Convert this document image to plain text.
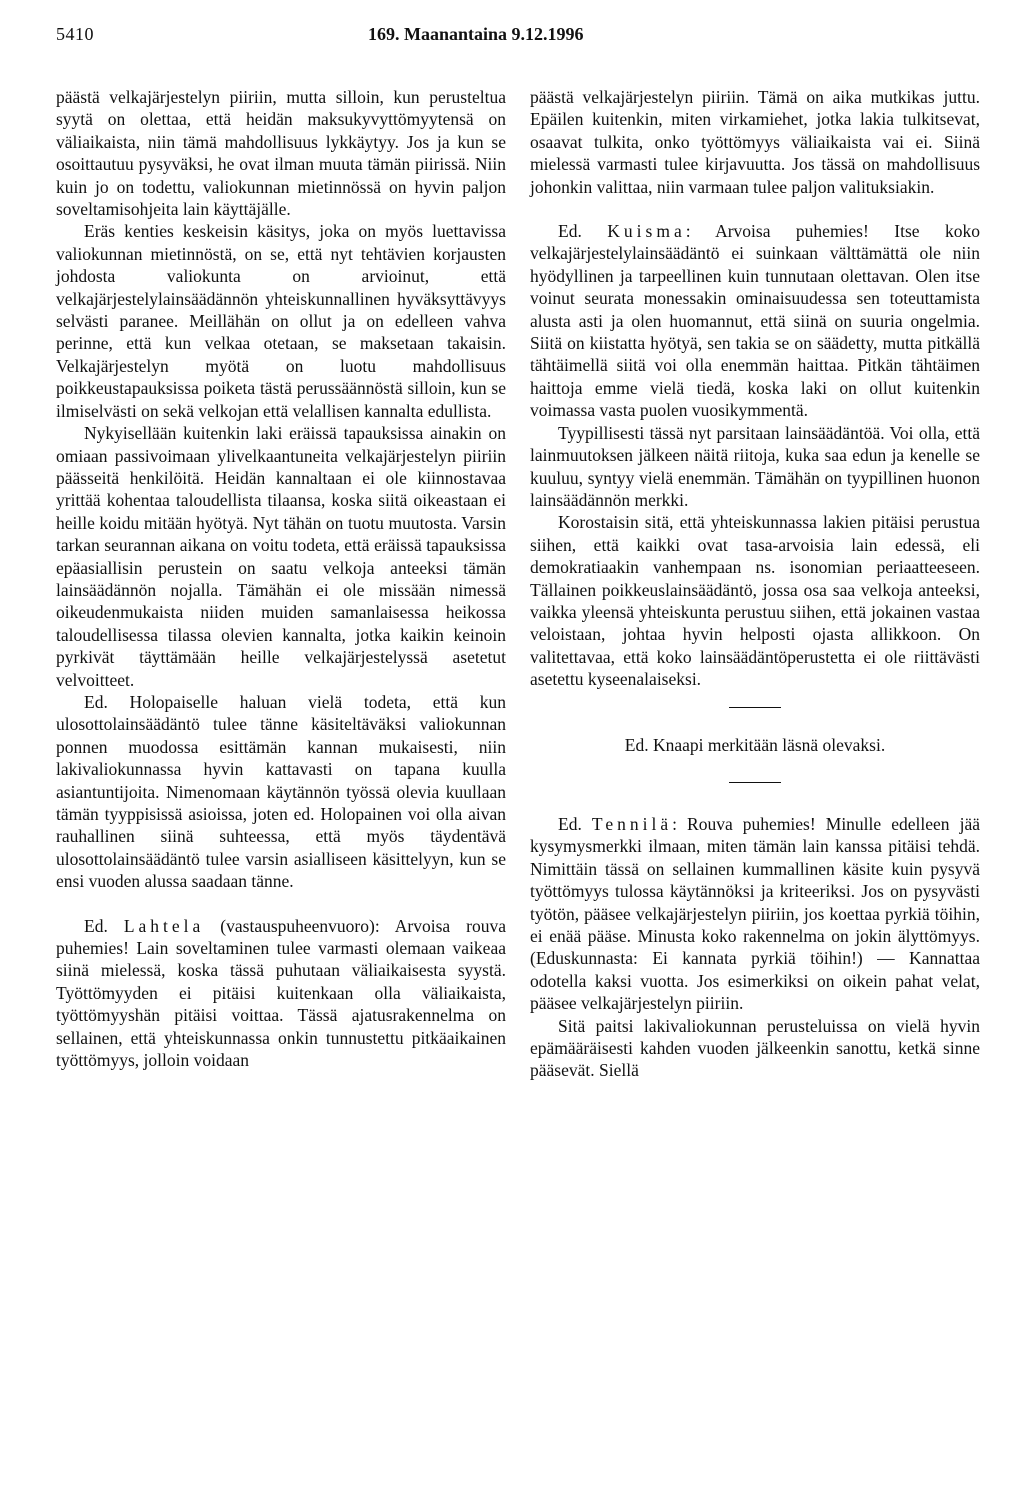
5410	169. Maanantaina 9.12.1996

päästä velkajärjestelyn piiriin, mutta silloin, kun perusteltua syytä on olettaa, että heidän maksukyvyttömyytensä on väliaikaista, niin tämä mahdollisuus lykkäytyy. Jos ja kun se osoittautuu pysyväksi, he ovat ilman muuta tämän piirissä. Niin kuin jo on todettu, valiokunnan mietinnössä on hyvin paljon soveltamisohjeita lain käyttäjälle.

Eräs kenties keskeisin käsitys, joka on myös luettavissa valiokunnan mietinnöstä, on se, että nyt tehtävien korjausten johdosta valiokunta on arvioinut, että velkajärjestelylainsäädännön yhteiskunnallinen hyväksyttävyys selvästi paranee. Meillähän on ollut ja on edelleen vahva perinne, että kun velkaa otetaan, se maksetaan takaisin. Velkajärjestelyn myötä on luotu mahdollisuus poikkeustapauksissa poiketa tästä perussäännöstä silloin, kun se ilmiselvästi on sekä velkojan että velallisen kannalta edullista.

Nykyisellään kuitenkin laki eräissä tapauksissa ainakin on omiaan passivoimaan ylivelkaantuneita velkajärjestelyn piiriin päässeitä henkilöitä. Heidän kannaltaan ei ole kiinnostavaa yrittää kohentaa taloudellista tilaansa, koska siitä oikeastaan ei heille koidu mitään hyötyä. Nyt tähän on tuotu muutosta. Varsin tarkan seurannan aikana on voitu todeta, että eräissä tapauksissa epäasiallisin perustein on saatu velkoja anteeksi tämän lainsäädännön nojalla. Tämähän ei ole missään nimessä oikeudenmukaista niiden muiden samanlaisessa heikossa taloudellisessa tilassa olevien kannalta, jotka kaikin keinoin pyrkivät täyttämään heille velkajärjestelyssä asetetut velvoitteet.

Ed. Holopaiselle haluan vielä todeta, että kun ulosottolainsäädäntö tulee tänne käsiteltäväksi valiokunnan ponnen muodossa esittämän kannan mukaisesti, niin lakivaliokunnassa hyvin kattavasti on tapana kuulla asiantuntijoita. Nimenomaan käytännön työssä olevia kuullaan tämän tyyppisissä asioissa, joten ed. Holopainen voi olla aivan rauhallinen siinä suhteessa, että myös täydentävä ulosottolainsäädäntö tulee varsin asialliseen käsittelyyn, kun se ensi vuoden alussa saadaan tänne.

Ed. Lahtela (vastauspuheenvuoro): Arvoisa rouva puhemies! Lain soveltaminen tulee varmasti olemaan vaikeaa siinä mielessä, koska tässä puhutaan väliaikaisesta syystä. Työttömyyden ei pitäisi kuitenkaan olla väliaikaista, työttömyyshän pitäisi voittaa. Tässä ajatusrakennelma on sellainen, että yhteiskunnassa onkin tunnustettu pitkäaikainen työttömyys, jolloin voidaan

päästä velkajärjestelyn piiriin. Tämä on aika mutkikas juttu. Epäilen kuitenkin, miten virkamiehet, jotka lakia tulkitsevat, osaavat tulkita, onko työttömyys väliaikaista vai ei. Siinä mielessä varmasti tulee kirjavuutta. Jos tässä on mahdollisuus johonkin valittaa, niin varmaan tulee paljon valituksiakin.

Ed. Kuisma: Arvoisa puhemies! Itse koko velkajärjestelylainsäädäntö ei suinkaan välttämättä ole niin hyödyllinen ja tarpeellinen kuin tunnutaan olettavan. Olen itse voinut seurata monessakin ominaisuudessa sen toteuttamista alusta asti ja olen huomannut, että siinä on suuria ongelmia. Siitä on kiistatta hyötyä, sen takia se on säädetty, mutta pitkällä tähtäimellä siitä voi olla enemmän haittaa. Pitkän tähtäimen haittoja emme vielä tiedä, koska laki on ollut kuitenkin voimassa vasta puolen vuosikymmentä.

Tyypillisesti tässä nyt parsitaan lainsäädäntöä. Voi olla, että lainmuutoksen jälkeen näitä riitoja, kuka saa edun ja kenelle se kuuluu, syntyy vielä enemmän. Tämähän on tyypillinen huonon lainsäädännön merkki.

Korostaisin sitä, että yhteiskunnassa lakien pitäisi perustua siihen, että kaikki ovat tasa-arvoisia lain edessä, eli demokratiaakin vanhempaan ns. isonomian periaatteeseen. Tällainen poikkeuslainsäädäntö, jossa osa saa velkoja anteeksi, vaikka yleensä yhteiskunta perustuu siihen, että jokainen vastaa veloistaan, johtaa hyvin helposti ojasta allikkoon. On valitettavaa, että koko lainsäädäntöperustetta ei ole riittävästi asetettu kyseenalaiseksi.

Ed. Knaapi merkitään läsnä olevaksi.

Ed. Tennilä: Rouva puhemies! Minulle edelleen jää kysymysmerkki ilmaan, miten tämän lain kanssa pitäisi tehdä. Nimittäin tässä on sellainen kummallinen käsite kuin pysyvä työttömyys tulossa käytännöksi ja kriteeriksi. Jos on pysyvästi työtön, pääsee velkajärjestelyn piiriin, jos koettaa pyrkiä töihin, ei enää pääse. Minusta koko rakennelma on jokin älyttömyys. (Eduskunnasta: Ei kannata pyrkiä töihin!) — Kannattaa odotella kaksi vuotta. Jos esimerkiksi on oikein pahat velat, pääsee velkajärjestelyn piiriin.

Sitä paitsi lakivaliokunnan perusteluissa on vielä hyvin epämääräisesti kahden vuoden jälkeenkin sanottu, ketkä sinne pääsevät. Siellä
